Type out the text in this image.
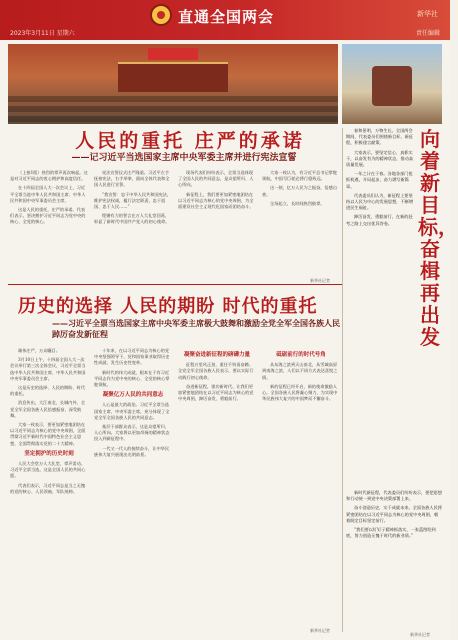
直通全国两会	新华社
2023年3月11日 星期六	责任编辑
人民的重托 庄严的承诺
——记习近平当选国家主席中央军委主席并进行宪法宣誓

（上接1版）热烈的掌声再次响起。这是对习近平同志的衷心拥护和高度信任。

在十四届全国人大一次会议上，习近平全票当选中华人民共和国主席、中华人民共和国中央军事委员会主席。

这是人民的重托，庄严的承诺。代表们表示，坚决拥护习近平同志为党中央的核心、全党的核心。

宪法宣誓仪式庄严隆重。习近平左手抚按宪法，右手举拳，面向全体代表和全国人民进行宣誓。

“我宣誓：忠于中华人民共和国宪法，维护宪法权威，履行法定职责，忠于祖国、忠于人民……”

铿锵有力的誓言在万人大礼堂回荡，彰显了新时代中国共产党人的初心使命。

现场代表们纷纷表示，全票当选体现了全国人民的共同意志，是众望所归、人心所向。

新征程上，我们要更加紧密地团结在以习近平同志为核心的党中央周围，为全面建设社会主义现代化国家而团结奋斗。

大家一致认为，有习近平总书记掌舵领航，中国号巨轮必将行稳致远。

这一刻，亿万人民为之振奋，倍感自豪。

全场起立，长时间热烈鼓掌。

新华社记者
历史的选择 人民的期盼 时代的重托
——习近平全票当选国家主席中央军委主席极大鼓舞和激励全党全军全国各族人民踔厉奋发新征程

雄伟庄严，万众瞩目。

3月10日上午，十四届全国人大一次会议举行第三次全体会议，习近平全票当选中华人民共和国主席、中华人民共和国中央军事委员会主席。

这是历史的选择、人民的期盼、时代的重托。

消息传出，大江南北、长城内外，全党全军全国各族人民倍感振奋、深受鼓舞。

大家一致表示，要更加紧密地团结在以习近平同志为核心的党中央周围，全面贯彻习近平新时代中国特色社会主义思想，全面贯彻落实党的二十大精神。

坚定拥护的历史时刻

人民大会堂万人大礼堂，掌声雷动。习近平全票当选，这是全国人民的共同心愿。

代表们表示，习近平同志是当之无愧的党的核心、人民领袖、军队统帅。

十年来，在以习近平同志为核心的党中央坚强领导下，党和国家事业取得历史性成就、发生历史性变革。

新时代的伟大成就，根本在于有习近平同志作为党中央的核心、全党的核心掌舵领航。

凝聚亿万人民的共同意志

人心是最大的政治。习近平全票当选国家主席、中央军委主席，充分体现了全党全军全国各族人民的共同意志。

基层干部群众表示，这是众望所归、人心所向。大家将以更加昂扬的精神状态投入到新征程中。

一代又一代人的接续奋斗，让中华民族伟大复兴展现出光明前景。

凝聚奋进新征程的磅礴力量

征程万里风正劲，重任千钧再奋蹄。全党全军全国各族人民表示，要以实际行动践行初心使命。

奋进新征程，建功新时代。让我们更加紧密地团结在以习近平同志为核心的党中央周围，踔厉奋发、勇毅前行。

砥砺前行的时代号角

从东海之滨到天山南北，从雪域高原到南海之滨，人们以不同方式表达喜悦之情。

新的征程已经开启，新的使命激励人心。全国各族人民将凝心聚力，为实现中华民族伟大复兴的中国梦而不懈奋斗。

新华社记者
向着新目标，奋楫再出发

春和景明，万物生长。全国两会期间，代表委员们围绕新目标、新征程，积极建言献策。

大家表示，要坚定信心、真抓实干，以奋发有为的精神状态，推动高质量发展。

一年之计在于春。各地各部门抢抓机遇，开局起步，奋力谱写新篇章。

代表委员们认为，新征程上要坚持以人民为中心的发展思想，不断增进民生福祉。

踔厉奋发、勇毅前行，在新的赶考之路上交出优异答卷。

新时代新征程，代表委员们纷纷表示，要把思想和行动统一到党中央决策部署上来。

奋斗创造历史，实干成就未来。全国各族人民将紧密团结在以习近平同志为核心的党中央周围，朝着既定目标坚定前行。

“我们要以钉钉子精神抓落实，一张蓝图绘到底，努力创造无愧于时代的新业绩。”

新华社记者
